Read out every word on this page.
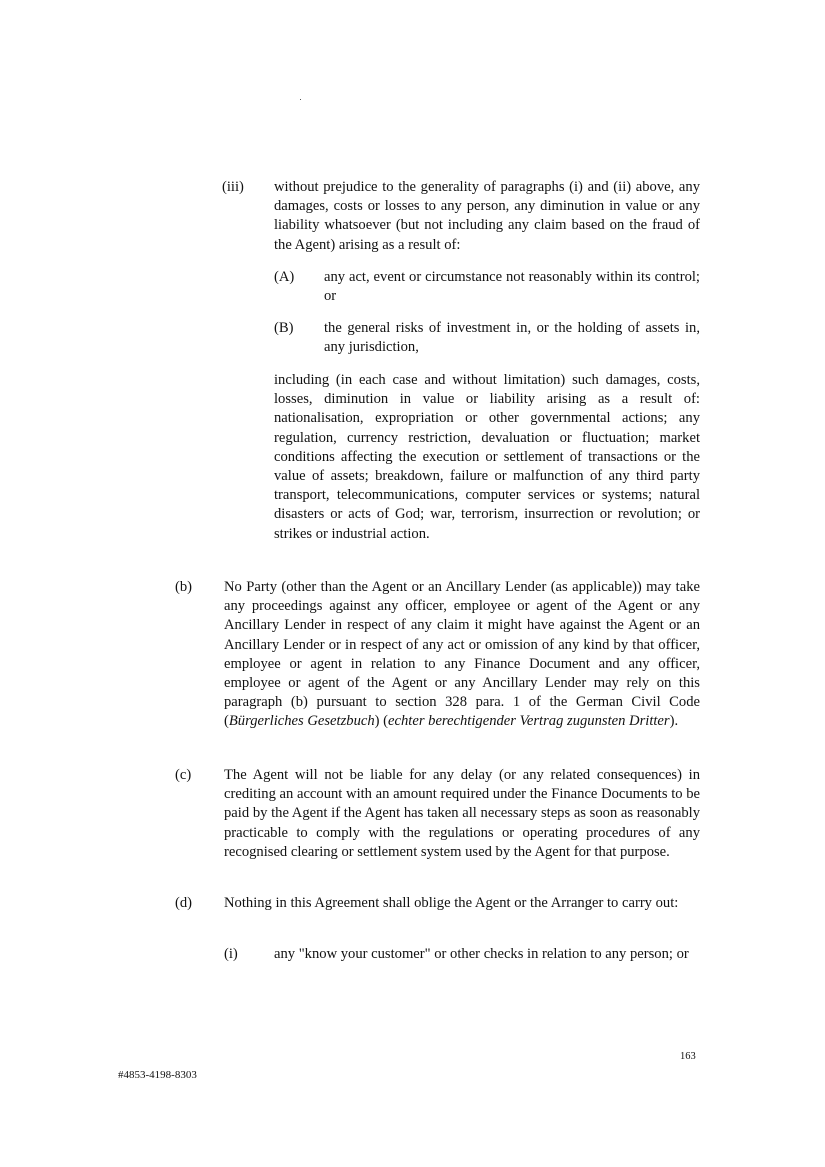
(iii) without prejudice to the generality of paragraphs (i) and (ii) above, any damages, costs or losses to any person, any diminution in value or any liability whatsoever (but not including any claim based on the fraud of the Agent) arising as a result of:

(A) any act, event or circumstance not reasonably within its control; or

(B) the general risks of investment in, or the holding of assets in, any jurisdiction,

including (in each case and without limitation) such damages, costs, losses, diminution in value or liability arising as a result of: nationalisation, expropriation or other governmental actions; any regulation, currency restriction, devaluation or fluctuation; market conditions affecting the execution or settlement of transactions or the value of assets; breakdown, failure or malfunction of any third party transport, telecommunications, computer services or systems; natural disasters or acts of God; war, terrorism, insurrection or revolution; or strikes or industrial action.

(b) No Party (other than the Agent or an Ancillary Lender (as applicable)) may take any proceedings against any officer, employee or agent of the Agent or any Ancillary Lender in respect of any claim it might have against the Agent or an Ancillary Lender or in respect of any act or omission of any kind by that officer, employee or agent in relation to any Finance Document and any officer, employee or agent of the Agent or any Ancillary Lender may rely on this paragraph (b) pursuant to section 328 para. 1 of the German Civil Code (Bürgerliches Gesetzbuch) (echter berechtigender Vertrag zugunsten Dritter).

(c) The Agent will not be liable for any delay (or any related consequences) in crediting an account with an amount required under the Finance Documents to be paid by the Agent if the Agent has taken all necessary steps as soon as reasonably practicable to comply with the regulations or operating procedures of any recognised clearing or settlement system used by the Agent for that purpose.

(d) Nothing in this Agreement shall oblige the Agent or the Arranger to carry out:

(i) any "know your customer" or other checks in relation to any person; or

163
#4853-4198-8303
